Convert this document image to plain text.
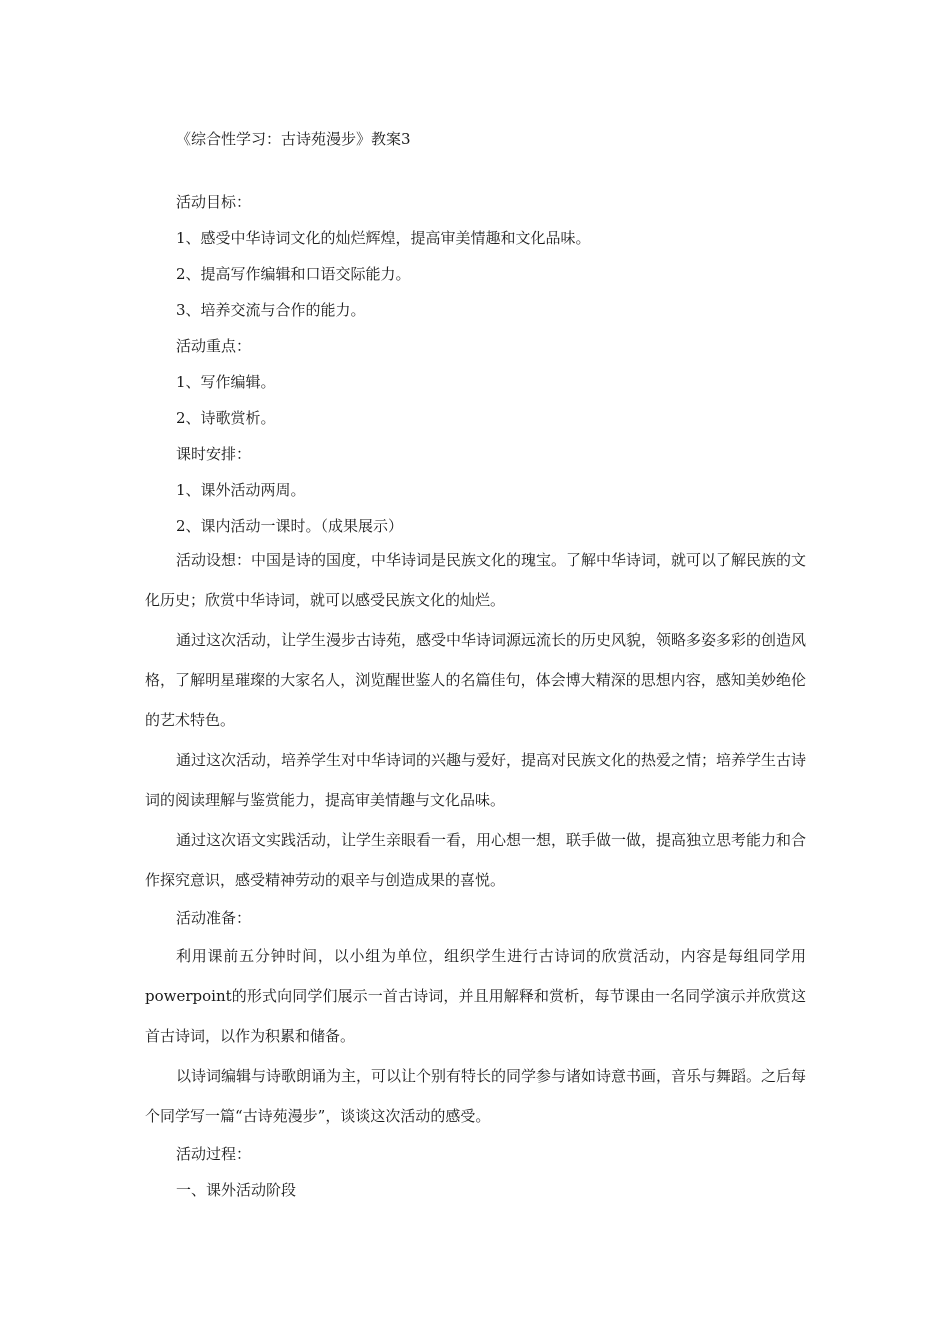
《综合性学习：古诗苑漫步》教案3

活动目标：

1、感受中华诗词文化的灿烂辉煌，提高审美情趣和文化品味。

2、提高写作编辑和口语交际能力。

3、培养交流与合作的能力。

活动重点：

1、写作编辑。

2、诗歌赏析。

课时安排：

1、课外活动两周。

2、课内活动一课时。（成果展示）

活动设想：中国是诗的国度，中华诗词是民族文化的瑰宝。了解中华诗词，就可以了解民族的文化历史；欣赏中华诗词，就可以感受民族文化的灿烂。

通过这次活动，让学生漫步古诗苑，感受中华诗词源远流长的历史风貌，领略多姿多彩的创造风格，了解明星璀璨的大家名人，浏览醒世鉴人的名篇佳句，体会博大精深的思想内容，感知美妙绝伦的艺术特色。

通过这次活动，培养学生对中华诗词的兴趣与爱好，提高对民族文化的热爱之情；培养学生古诗词的阅读理解与鉴赏能力，提高审美情趣与文化品味。

通过这次语文实践活动，让学生亲眼看一看，用心想一想，联手做一做，提高独立思考能力和合作探究意识，感受精神劳动的艰辛与创造成果的喜悦。

活动准备：

利用课前五分钟时间，以小组为单位，组织学生进行古诗词的欣赏活动，内容是每组同学用powerpoint的形式向同学们展示一首古诗词，并且用解释和赏析，每节课由一名同学演示并欣赏这首古诗词，以作为积累和储备。

以诗词编辑与诗歌朗诵为主，可以让个别有特长的同学参与诸如诗意书画，音乐与舞蹈。之后每个同学写一篇“古诗苑漫步”，谈谈这次活动的感受。

活动过程：

一、课外活动阶段
